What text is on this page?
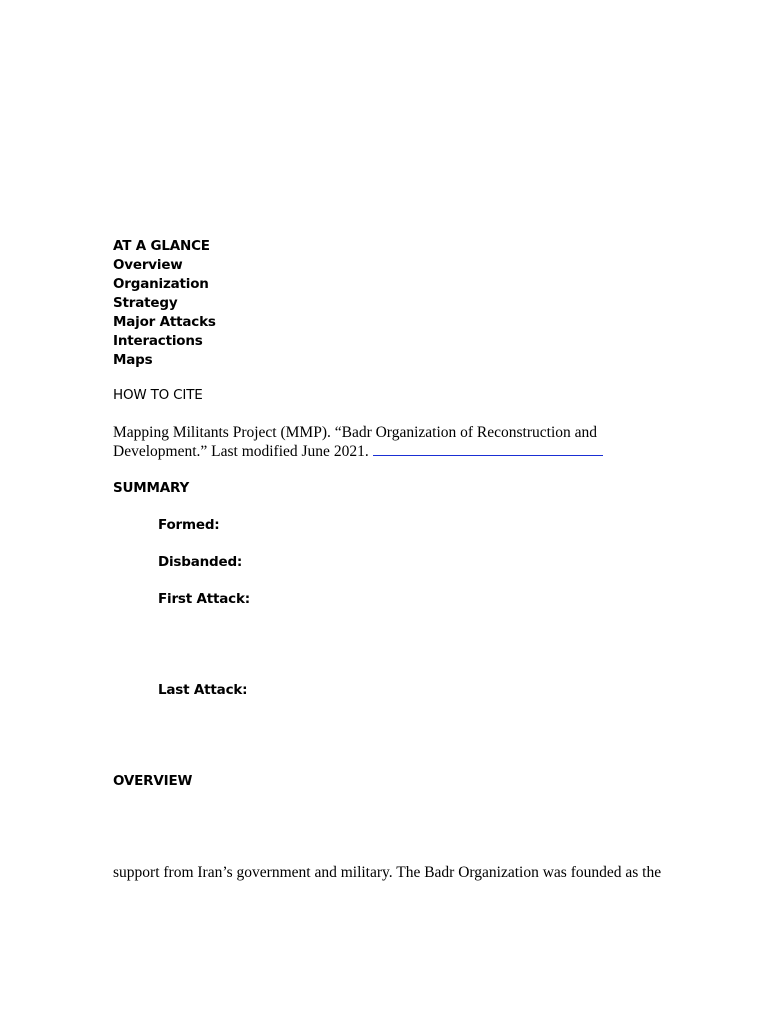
AT A GLANCE
Overview
Organization
Strategy
Major Attacks
Interactions
Maps
HOW TO CITE
Mapping Militants Project (MMP). “Badr Organization of Reconstruction and
Development.” Last modified June 2021.
SUMMARY
Formed:
Disbanded:
First Attack:
Last Attack:
OVERVIEW
support from Iran’s government and military. The Badr Organization was founded as the
